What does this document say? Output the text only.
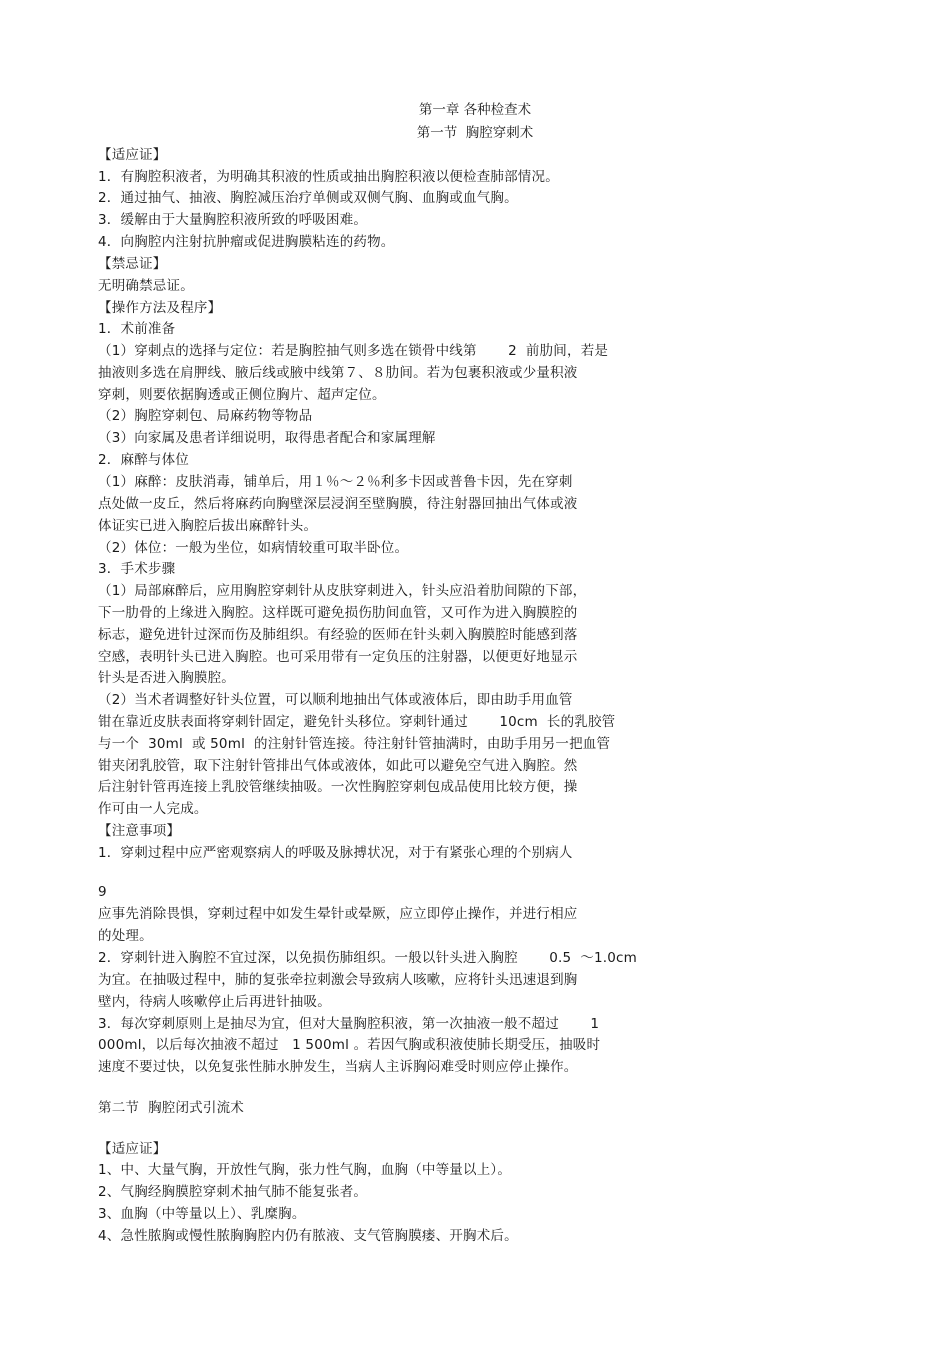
第一章 各种检查术
第一节  胸腔穿刺术
【适应证】
1．有胸腔积液者，为明确其积液的性质或抽出胸腔积液以便检查肺部情况。
2．通过抽气、抽液、胸腔减压治疗单侧或双侧气胸、血胸或血气胸。
3．缓解由于大量胸腔积液所致的呼吸困难。
4．向胸腔内注射抗肿瘤或促进胸膜粘连的药物。
【禁忌证】
无明确禁忌证。
【操作方法及程序】
1．术前准备
（1）穿刺点的选择与定位：若是胸腔抽气则多选在锁骨中线第       2  前肋间，若是
抽液则多选在肩胛线、腋后线或腋中线第７、８肋间。若为包裹积液或少量积液
穿刺，则要依据胸透或正侧位胸片、超声定位。
（2）胸腔穿刺包、局麻药物等物品
（3）向家属及患者详细说明，取得患者配合和家属理解
2．麻醉与体位
（1）麻醉：皮肤消毒，铺单后，用１％～２％利多卡因或普鲁卡因，先在穿刺
点处做一皮丘，然后将麻药向胸壁深层浸润至壁胸膜，待注射器回抽出气体或液
体证实已进入胸腔后拔出麻醉针头。
（2）体位：一般为坐位，如病情较重可取半卧位。
3．手术步骤
（1）局部麻醉后，应用胸腔穿刺针从皮肤穿刺进入，针头应沿着肋间隙的下部，
下一肋骨的上缘进入胸腔。这样既可避免损伤肋间血管，又可作为进入胸膜腔的
标志，避免进针过深而伤及肺组织。有经验的医师在针头刺入胸膜腔时能感到落
空感，表明针头已进入胸腔。也可采用带有一定负压的注射器，以便更好地显示
针头是否进入胸膜腔。
（2）当术者调整好针头位置，可以顺利地抽出气体或液体后，即由助手用血管
钳在靠近皮肤表面将穿刺针固定，避免针头移位。穿刺针通过       10cm  长的乳胶管
与一个  30ml  或 50ml  的注射针管连接。待注射针管抽满时，由助手用另一把血管
钳夹闭乳胶管，取下注射针管排出气体或液体，如此可以避免空气进入胸腔。然
后注射针管再连接上乳胶管继续抽吸。一次性胸腔穿刺包成品使用比较方便，操
作可由一人完成。
【注意事项】
1．穿刺过程中应严密观察病人的呼吸及脉搏状况，对于有紧张心理的个别病人
9
应事先消除畏惧，穿刺过程中如发生晕针或晕厥，应立即停止操作，并进行相应
的处理。
2．穿刺针进入胸腔不宜过深，以免损伤肺组织。一般以针头进入胸腔       0.5  ～1.0cm
为宜。在抽吸过程中，肺的复张牵拉刺激会导致病人咳嗽，应将针头迅速退到胸
壁内，待病人咳嗽停止后再进针抽吸。
3．每次穿刺原则上是抽尽为宜，但对大量胸腔积液，第一次抽液一般不超过       1
000ml，以后每次抽液不超过   1 500ml 。若因气胸或积液使肺长期受压，抽吸时
速度不要过快，以免复张性肺水肿发生，当病人主诉胸闷难受时则应停止操作。
第二节  胸腔闭式引流术
【适应证】
1、中、大量气胸，开放性气胸，张力性气胸，血胸（中等量以上）。
2、气胸经胸膜腔穿刺术抽气肺不能复张者。
3、血胸（中等量以上）、乳糜胸。
4、急性脓胸或慢性脓胸胸腔内仍有脓液、支气管胸膜瘘、开胸术后。
